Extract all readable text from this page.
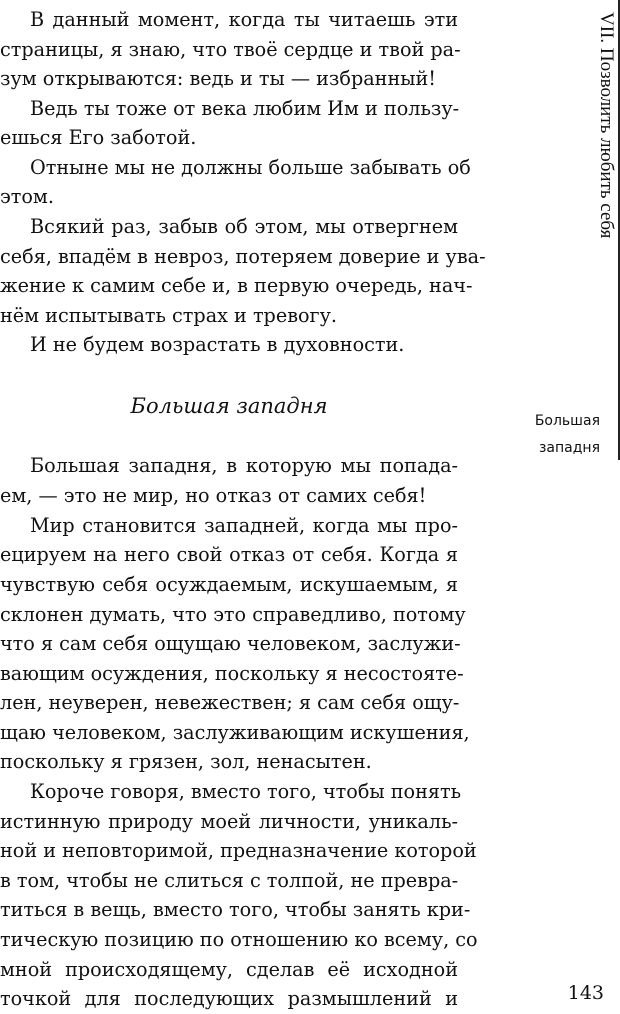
В данный момент, когда ты читаешь эти
страницы, я знаю, что твоё сердце и твой ра-
зум открываются: ведь и ты — избранный!
Ведь ты тоже от века любим Им и пользу-
ешься Его заботой.
Отныне мы не должны больше забывать об
этом.
Всякий раз, забыв об этом, мы отвергнем
себя, впадём в невроз, потеряем доверие и ува-
жение к самим себе и, в первую очередь, нач-
нём испытывать страх и тревогу.
И не будем возрастать в духовности.
Большая западня, в которую мы попада-
ем, — это не мир, но отказ от самих себя!
Мир становится западней, когда мы про-
ецируем на него свой отказ от себя. Когда я
чувствую себя осуждаемым, искушаемым, я
склонен думать, что это справедливо, потому
что я сам себя ощущаю человеком, заслужи-
вающим осуждения, поскольку я несостояте-
лен, неуверен, невежествен; я сам себя ощу-
щаю человеком, заслуживающим искушения,
поскольку я грязен, зол, ненасытен.
Короче говоря, вместо того, чтобы понять
истинную природу моей личности, уникаль-
ной и неповторимой, предназначение которой
в том, чтобы не слиться с толпой, не превра-
титься в вещь, вместо того, чтобы занять кри-
тическую позицию по отношению ко всему, со
мной происходящему, сделав её исходной
точкой для последующих размышлений и
Большая западня
VII. Позволить любить себя
Большая
западня
143
